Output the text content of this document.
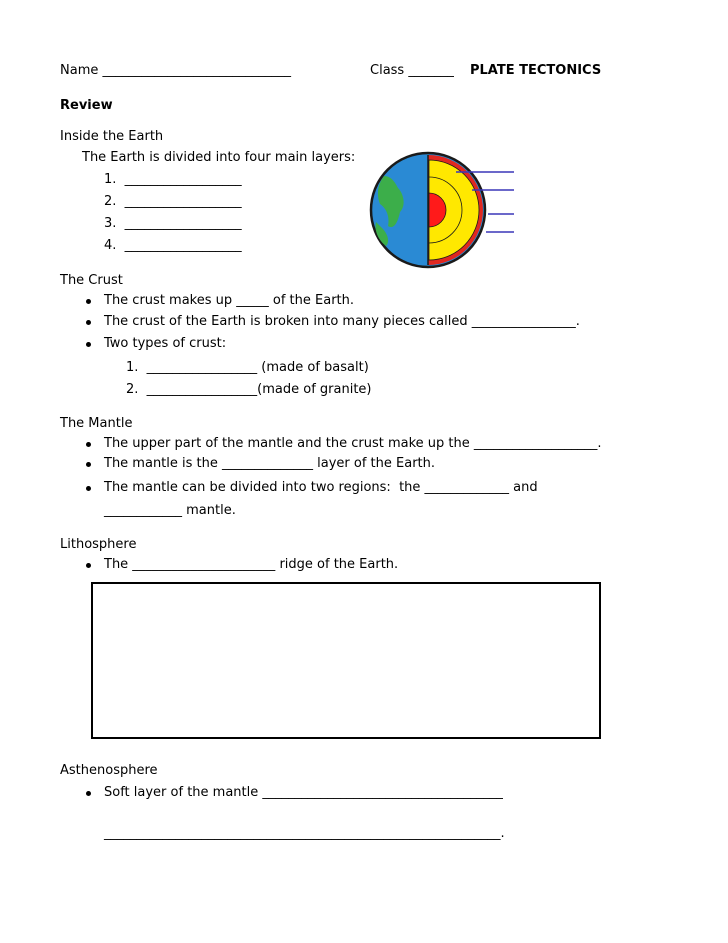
Name _____________________________	Class _______ PLATE TECTONICS
Review
Inside the Earth
The Earth is divided into four main layers:
1.  __________________
2.  __________________
3.  __________________
4.  __________________
The Crust
The crust makes up _____ of the Earth.
The crust of the Earth is broken into many pieces called ________________.
Two types of crust:
1.  _________________ (made of basalt)
2.  _________________(made of granite)
The Mantle
The upper part of the mantle and the crust make up the ___________________.
The mantle is the ______________ layer of the Earth.
The mantle can be divided into two regions:  the _____________ and
____________ mantle.
Lithosphere
The ______________________ ridge of the Earth.
Asthenosphere
Soft layer of the mantle _____________________________________
_____________________________________________________________.
